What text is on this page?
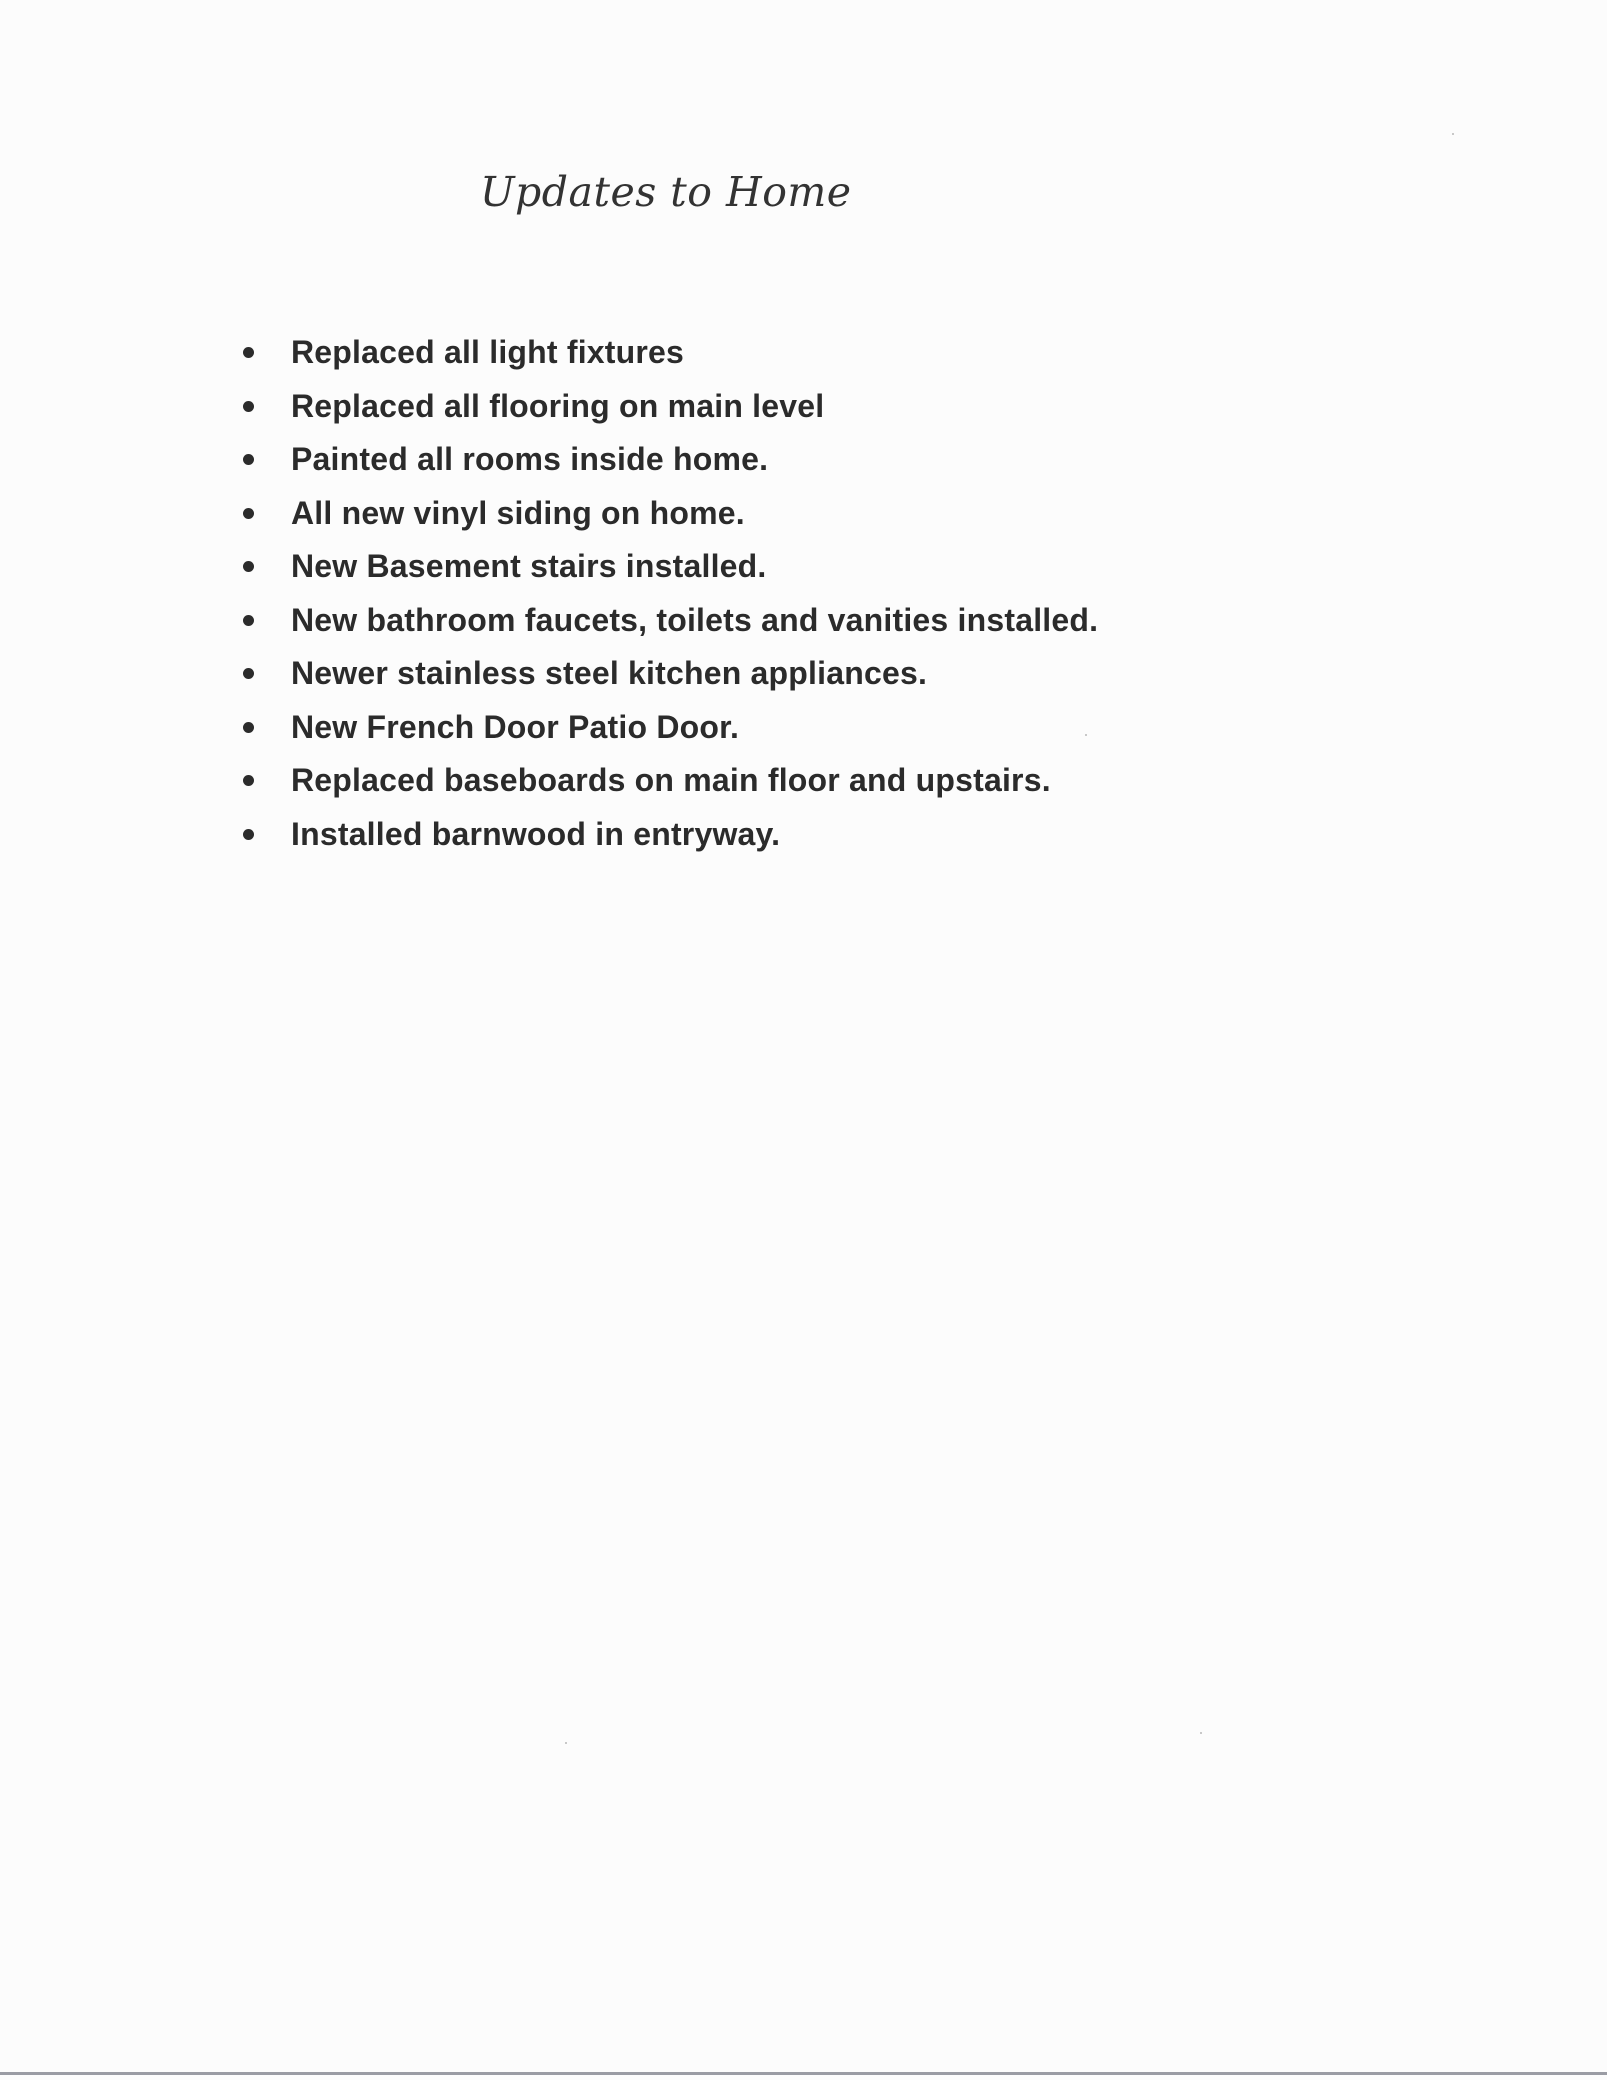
Updates to Home
Replaced all light fixtures
Replaced all flooring on main level
Painted all rooms inside home.
All new vinyl siding on home.
New Basement stairs installed.
New bathroom faucets, toilets and vanities installed.
Newer stainless steel kitchen appliances.
New French Door Patio Door.
Replaced baseboards on main floor and upstairs.
Installed barnwood in entryway.
